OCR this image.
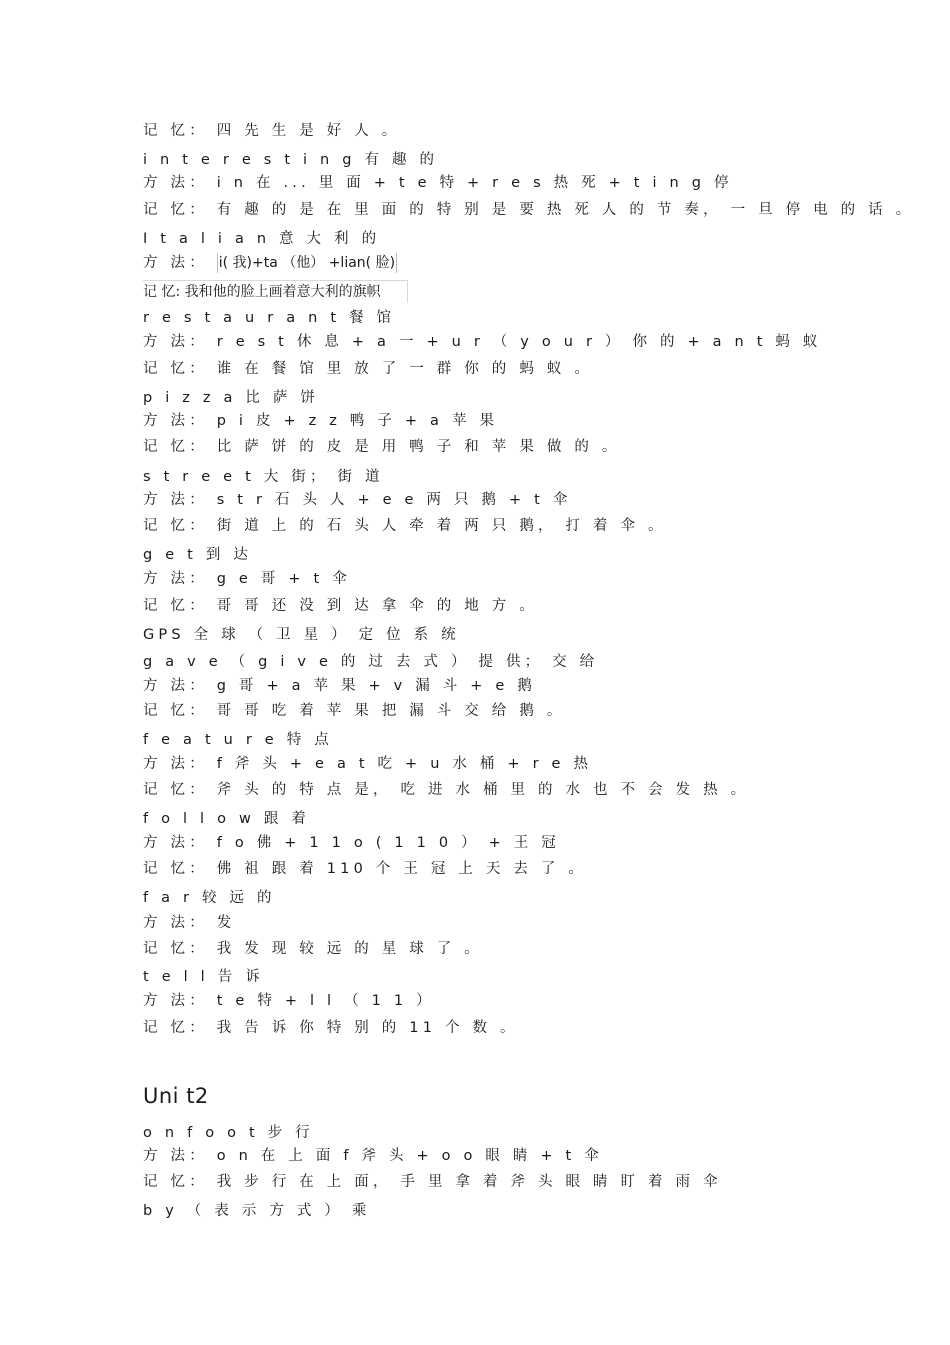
记 忆： 四 先 生 是 好 人 。
i n t e r e s t i n g 有 趣 的
方 法： i n 在 ... 里 面 + t e 特 + r e s 热 死 + t i n g 停
记 忆： 有 趣 的 是 在 里 面 的 特 别 是 要 热 死 人 的 节 奏， 一 旦 停 电 的 话 。
I t a l i a n 意 大 利 的
方 法： i( 我)+ta （他） +lian( 脸)
记 忆: 我和他的脸上画着意大利的旗帜
r e s t a u r a n t 餐 馆
方 法： r e s t 休 息 + a 一 + u r （ y o u r ） 你 的 + a n t 蚂 蚁
记 忆： 谁 在 餐 馆 里 放 了 一 群 你 的 蚂 蚁 。
p i z z a 比 萨 饼
方 法： p i 皮 + z z 鸭 子 + a 苹 果
记 忆： 比 萨 饼 的 皮 是 用 鸭 子 和 苹 果 做 的 。
s t r e e t 大 街； 街 道
方 法： s t r 石 头 人 + e e 两 只 鹅 + t 伞
记 忆： 街 道 上 的 石 头 人 牵 着 两 只 鹅， 打 着 伞 。
g e t 到 达
方 法： g e 哥 + t 伞
记 忆： 哥 哥 还 没 到 达 拿 伞 的 地 方 。
GPS 全 球 （ 卫 星 ） 定 位 系 统
g a v e （ g i v e 的 过 去 式 ） 提 供； 交 给
方 法： g 哥 + a 苹 果 + v 漏 斗 + e 鹅
记 忆： 哥 哥 吃 着 苹 果 把 漏 斗 交 给 鹅 。
f e a t u r e 特 点
方 法： f 斧 头 + e a t 吃 + u 水 桶 + r e 热
记 忆： 斧 头 的 特 点 是， 吃 进 水 桶 里 的 水 也 不 会 发 热 。
f o l l o w 跟 着
方 法： f o 佛 + 1 1 o ( 1 1 0 ） + 王 冠
记 忆： 佛 祖 跟 着 110 个 王 冠 上 天 去 了 。
f a r 较 远 的
方 法： 发
记 忆： 我 发 现 较 远 的 星 球 了 。
t e l l 告 诉
方 法： t e 特 + l l （ 1 1 ）
记 忆： 我 告 诉 你 特 别 的 11 个 数 。
Uni t2
o n f o o t 步 行
方 法： o n 在 上 面 f 斧 头 + o o 眼 睛 + t 伞
记 忆： 我 步 行 在 上 面， 手 里 拿 着 斧 头 眼 睛 盯 着 雨 伞
b y （ 表 示 方 式 ） 乘
